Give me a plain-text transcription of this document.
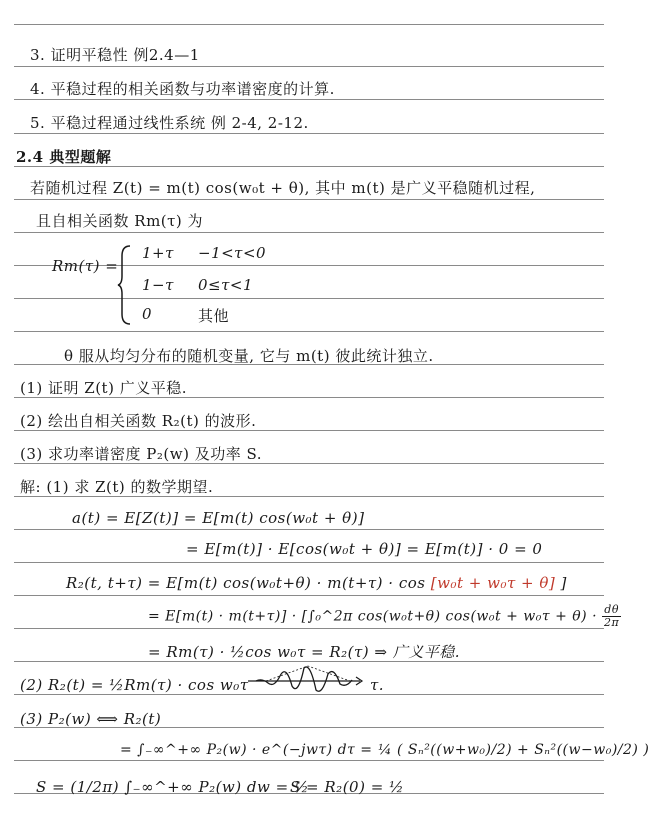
3. 证明平稳性 例2.4—1
4. 平稳过程的相关函数与功率谱密度的计算.
5. 平稳过程通过线性系统 例 2-4, 2-12.
2.4 典型题解
若随机过程 Z(t) = m(t) cos(w₀t + θ), 其中 m(t) 是广义平稳随机过程,
且自相关函数 Rm(τ) 为
Rm(τ) =
1+τ −1<τ<0
1−τ 0≤τ<1
0	其他
θ 服从均匀分布的随机变量, 它与 m(t) 彼此统计独立.
(1) 证明 Z(t) 广义平稳.
(2) 绘出自相关函数 R₂(t) 的波形.
(3) 求功率谱密度 P₂(w) 及功率 S.
解: (1) 求 Z(t) 的数学期望.
a(t) = E[Z(t)] = E[m(t) cos(w₀t + θ)]
= E[m(t)] · E[cos(w₀t + θ)] = E[m(t)] · 0 = 0
R₂(t, t+τ) = E[m(t) cos(w₀t+θ) · m(t+τ) · cos [w₀t + w₀τ + θ] ]
= E[m(t) · m(t+τ)] · [∫₀^2π cos(w₀t+θ) $\cos(w_0t + w_0\tau + \theta) \cdot \frac{d\theta}{2\pi}$
= Rm(τ) · ½cos w₀τ = R₂(τ) ⇒ 广义平稳.
(2) R₂(t) = ½Rm(τ) · cos w₀τ	τ.
(3) P₂(w) ⟺ R₂(t)
= ∫₋∞^+∞ P₂(w) · e^(−jwτ) dτ = ¼ ( Sₙ²((w+w₀)/2) + Sₙ²((w−w₀)/2) )
S = (1/2π) ∫₋∞^+∞ P₂(w) dw = ½
S = R₂(0) = ½
